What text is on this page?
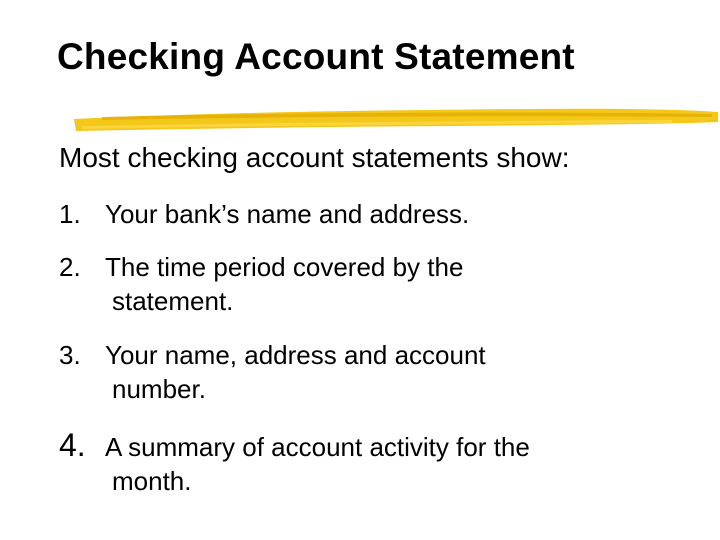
Checking Account Statement

Most checking account statements show:

1. Your bank’s name and address.
2. The time period covered by the
statement.
3. Your name, address and account
number.
4. A summary of account activity for the
month.
